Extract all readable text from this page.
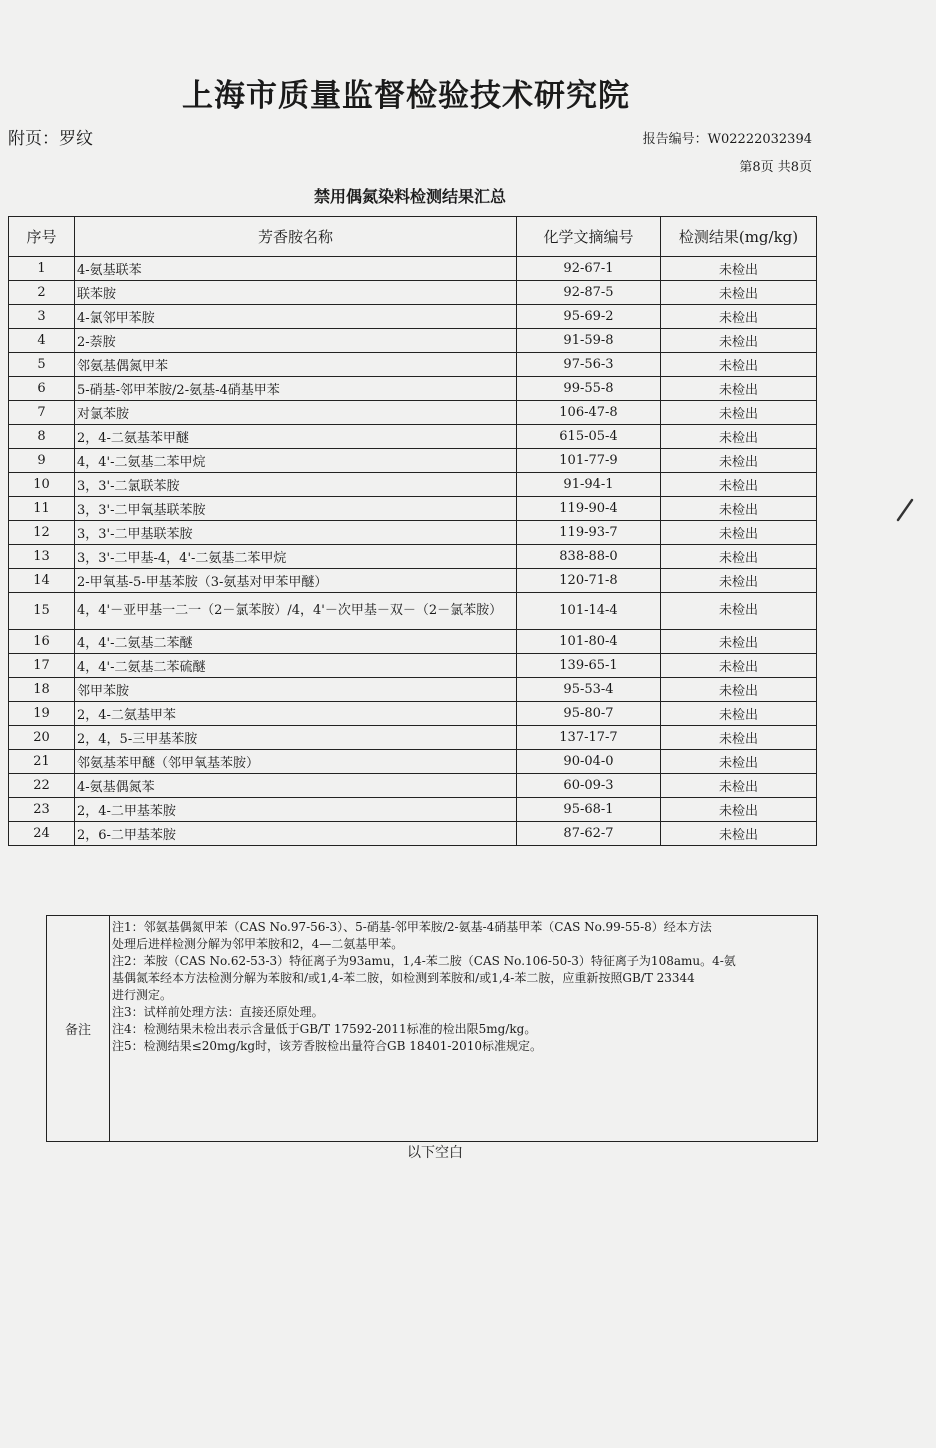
上海市质量监督检验技术研究院
附页：罗纹	报告编号：W02222032394
第8页 共8页
禁用偶氮染料检测结果汇总
序号	芳香胺名称	化学文摘编号	检测结果(mg/kg)
1	4-氨基联苯	92-67-1	未检出
2	联苯胺	92-87-5	未检出
3	4-氯邻甲苯胺	95-69-2	未检出
4	2-萘胺	91-59-8	未检出
5	邻氨基偶氮甲苯	97-56-3	未检出
6	5-硝基-邻甲苯胺/2-氨基-4硝基甲苯	99-55-8	未检出
7	对氯苯胺	106-47-8	未检出
8	2，4-二氨基苯甲醚	615-05-4	未检出
9	4，4'-二氨基二苯甲烷	101-77-9	未检出
10	3，3'-二氯联苯胺	91-94-1	未检出
11	3，3'-二甲氧基联苯胺	119-90-4	未检出
12	3，3'-二甲基联苯胺	119-93-7	未检出
13	3，3'-二甲基-4，4'-二氨基二苯甲烷	838-88-0	未检出
14	2-甲氧基-5-甲基苯胺（3-氨基对甲苯甲醚）	120-71-8	未检出
15	4，4'－亚甲基一二一（2－氯苯胺）/4，4'－次甲基－双－（2－氯苯胺）	101-14-4	未检出
16	4，4'-二氨基二苯醚	101-80-4	未检出
17	4，4'-二氨基二苯硫醚	139-65-1	未检出
18	邻甲苯胺	95-53-4	未检出
19	2，4-二氨基甲苯	95-80-7	未检出
20	2，4，5-三甲基苯胺	137-17-7	未检出
21	邻氨基苯甲醚（邻甲氧基苯胺）	90-04-0	未检出
22	4-氨基偶氮苯	60-09-3	未检出
23	2，4-二甲基苯胺	95-68-1	未检出
24	2，6-二甲基苯胺	87-62-7	未检出
备注	
注1：邻氨基偶氮甲苯（CAS No.97-56-3）、5-硝基-邻甲苯胺/2-氨基-4硝基甲苯（CAS No.99-55-8）经本方法
处理后进样检测分解为邻甲苯胺和2，4—二氨基甲苯。
注2：苯胺（CAS No.62-53-3）特征离子为93amu，1,4-苯二胺（CAS No.106-50-3）特征离子为108amu。4-氨
基偶氮苯经本方法检测分解为苯胺和/或1,4-苯二胺，如检测到苯胺和/或1,4-苯二胺，应重新按照GB/T 23344
进行测定。
注3：试样前处理方法：直接还原处理。
注4：检测结果未检出表示含量低于GB/T 17592-2011标准的检出限5mg/kg。
注5：检测结果≤20mg/kg时，该芳香胺检出量符合GB 18401-2010标准规定。
以下空白
